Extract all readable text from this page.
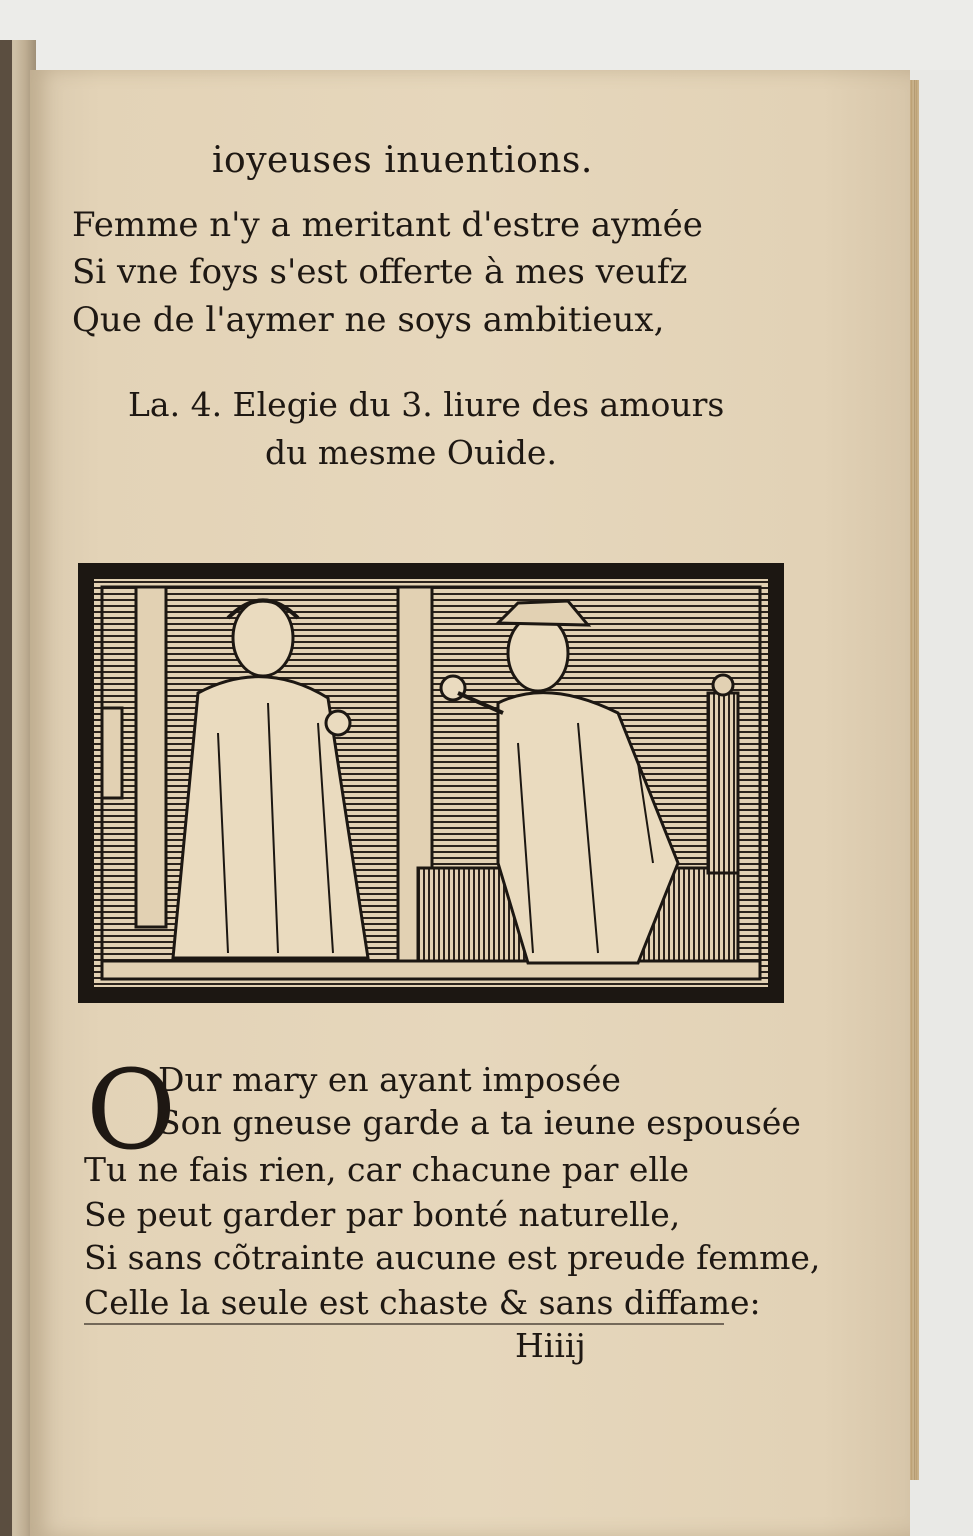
ioyeuses inuentions.
Femme n'y a meritant d'estre aymée
Si vne foys s'est offerte à mes veufz
Que de l'aymer ne soys ambitieux,
La. 4. Elegie du 3. liure des amours
du mesme Ouide.
O
Dur mary en ayant imposée
Son gneuse garde a ta ieune espousée
Tu ne fais rien, car chacune par elle
Se peut garder par bonté naturelle,
Si sans cõtrainte aucune est preude femme,
Celle la seule est chaste & sans diffame:
Hiiij
